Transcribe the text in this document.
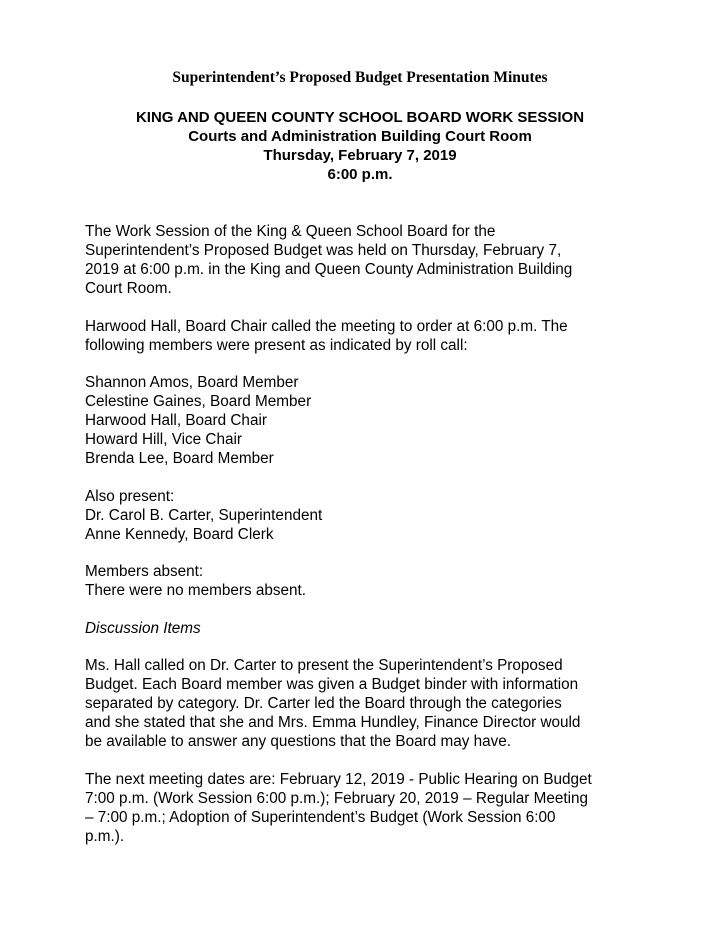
Superintendent’s Proposed Budget Presentation Minutes
KING AND QUEEN COUNTY SCHOOL BOARD WORK SESSION
Courts and Administration Building Court Room
Thursday, February 7, 2019
6:00 p.m.
The Work Session of the King & Queen School Board for the
Superintendent’s Proposed Budget was held on Thursday, February 7,
2019 at 6:00 p.m. in the King and Queen County Administration Building
Court Room.
Harwood Hall, Board Chair called the meeting to order at 6:00 p.m. The
following members were present as indicated by roll call:
Shannon Amos, Board Member
Celestine Gaines, Board Member
Harwood Hall, Board Chair
Howard Hill, Vice Chair
Brenda Lee, Board Member
Also present:
Dr. Carol B. Carter, Superintendent
Anne Kennedy, Board Clerk
Members absent:
There were no members absent.
Discussion Items
Ms. Hall called on Dr. Carter to present the Superintendent’s Proposed
Budget. Each Board member was given a Budget binder with information
separated by category. Dr. Carter led the Board through the categories
and she stated that she and Mrs. Emma Hundley, Finance Director would
be available to answer any questions that the Board may have.
The next meeting dates are: February 12, 2019 - Public Hearing on Budget
7:00 p.m. (Work Session 6:00 p.m.); February 20, 2019 – Regular Meeting
– 7:00 p.m.; Adoption of Superintendent’s Budget (Work Session 6:00
p.m.).
